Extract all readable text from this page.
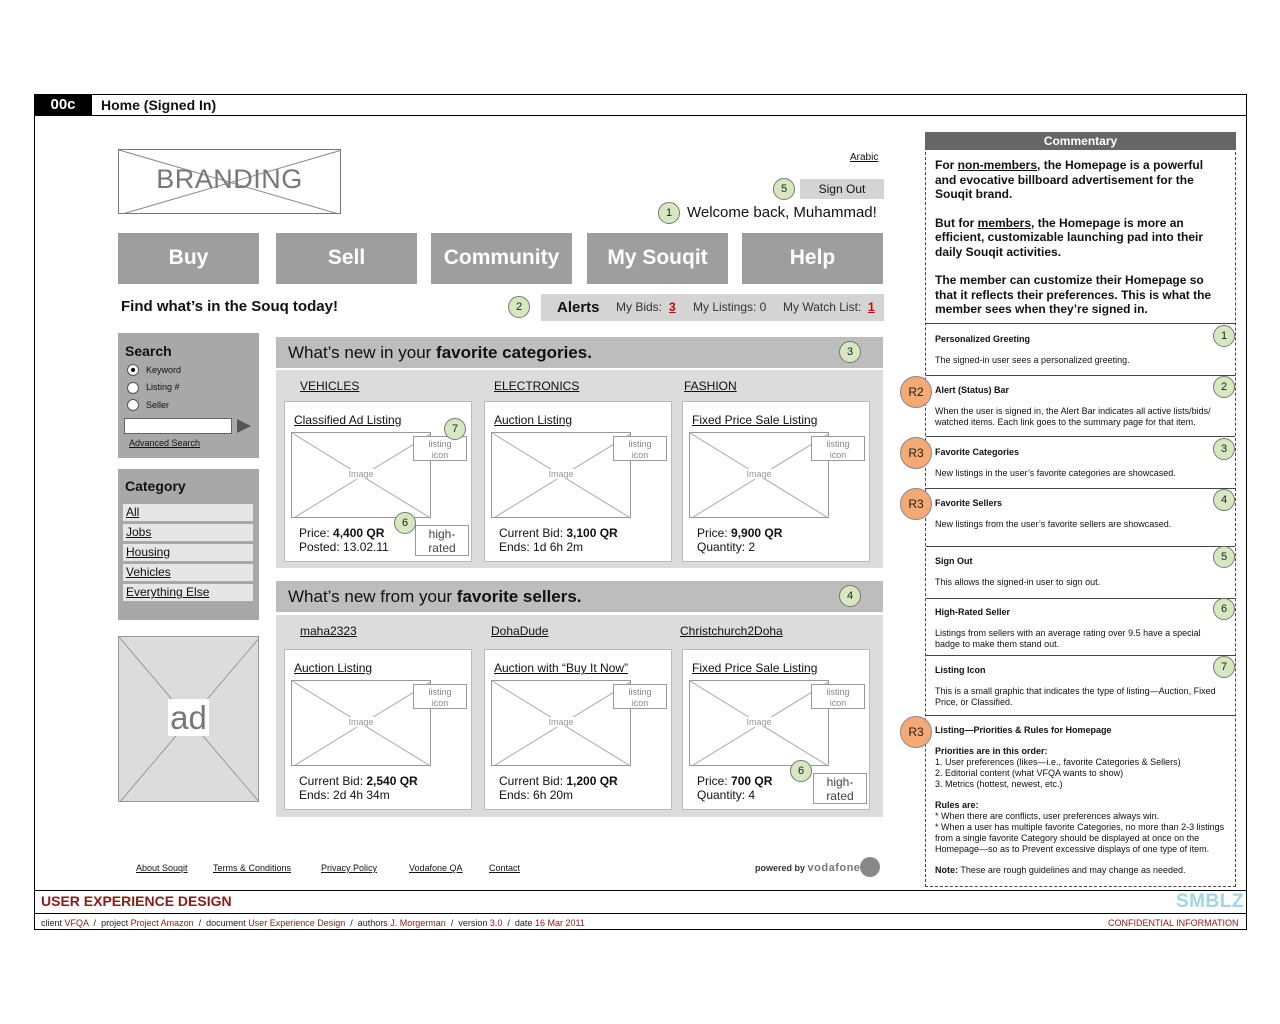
00c	Home (Signed In)
BRANDING
Arabic
5	Sign Out
1 Welcome back, Muhammad!
Buy	Sell	Community	My Souqit	Help
Find what’s in the Souq today!	2	Alerts My Bids: 3 My Listings: 0 My Watch List: 1
Search
Keyword
Listing #
Seller
Advanced Search
Category
All
Jobs
Housing
Vehicles
Everything Else
ad
What’s new in your favorite categories.	3
VEHICLES	ELECTRONICS	FASHION
Classified Ad Listing
Image
listing
icon
Price: 4,400 QR
Posted: 13.02.11
high-
rated
Auction Listing
Image
listing
icon
Current Bid: 3,100 QR
Ends: 1d 6h 2m
Fixed Price Sale Listing
Image
listing
icon
Price: 9,900 QR
Quantity: 2
7
6
What’s new from your favorite sellers.	4
maha2323	DohaDude	Christchurch2Doha
Auction Listing
Image
listing
icon
Current Bid: 2,540 QR
Ends: 2d 4h 34m
Auction with “Buy It Now”
Image
listing
icon
Current Bid: 1,200 QR
Ends: 6h 20m
Fixed Price Sale Listing
Image
listing
icon
Price: 700 QR
Quantity: 4
high-
rated
6
About Souqit	Terms & Conditions	Privacy Policy	Vodafone QA	Contact	powered by vodafone
USER EXPERIENCE DESIGN	SMBLZ
client VFQA  /  project Project Amazon  /  document User Experience Design  /  authors J. Morgerman  /  version 3.0  /  date 16 Mar 2011	CONFIDENTIAL INFORMATION
Commentary

For non-members, the Homepage is a powerful and evocative billboard advertisement for the Souqit brand.

But for members, the Homepage is more an efficient, customizable launching pad into their daily Souqit activities.

The member can customize their Homepage so that it reflects their preferences. This is what the member sees when they’re signed in.

Personalized Greeting
The signed-in user sees a personalized greeting.
1
R2	Alert (Status) Bar
When the user is signed in, the Alert Bar indicates all active lists/bids/ watched items. Each link goes to the summary page for that item.
2
R3	Favorite Categories
New listings in the user’s favorite categories are showcased.
3
R3	Favorite Sellers
New listings from the user’s favorite sellers are showcased.
4
Sign Out
This allows the signed-in user to sign out.
5
High-Rated Seller
Listings from sellers with an average rating over 9.5 have a special badge to make them stand out.
6
Listing Icon
This is a small graphic that indicates the type of listing—Auction, Fixed Price, or Classified.
7
R3	Listing—Priorities & Rules for Homepage
Priorities are in this order:
1. User preferences (likes—i.e., favorite Categories & Sellers)
2. Editorial content (what VFQA wants to show)
3. Metrics (hottest, newest, etc.)
Rules are:
* When there are conflicts, user preferences always win.
* When a user has multiple favorite Categories, no more than 2-3 listings from a single favorite Category should be displayed at once on the Homepage—so as to Prevent excessive displays of one type of item.
Note: These are rough guidelines and may change as needed.
